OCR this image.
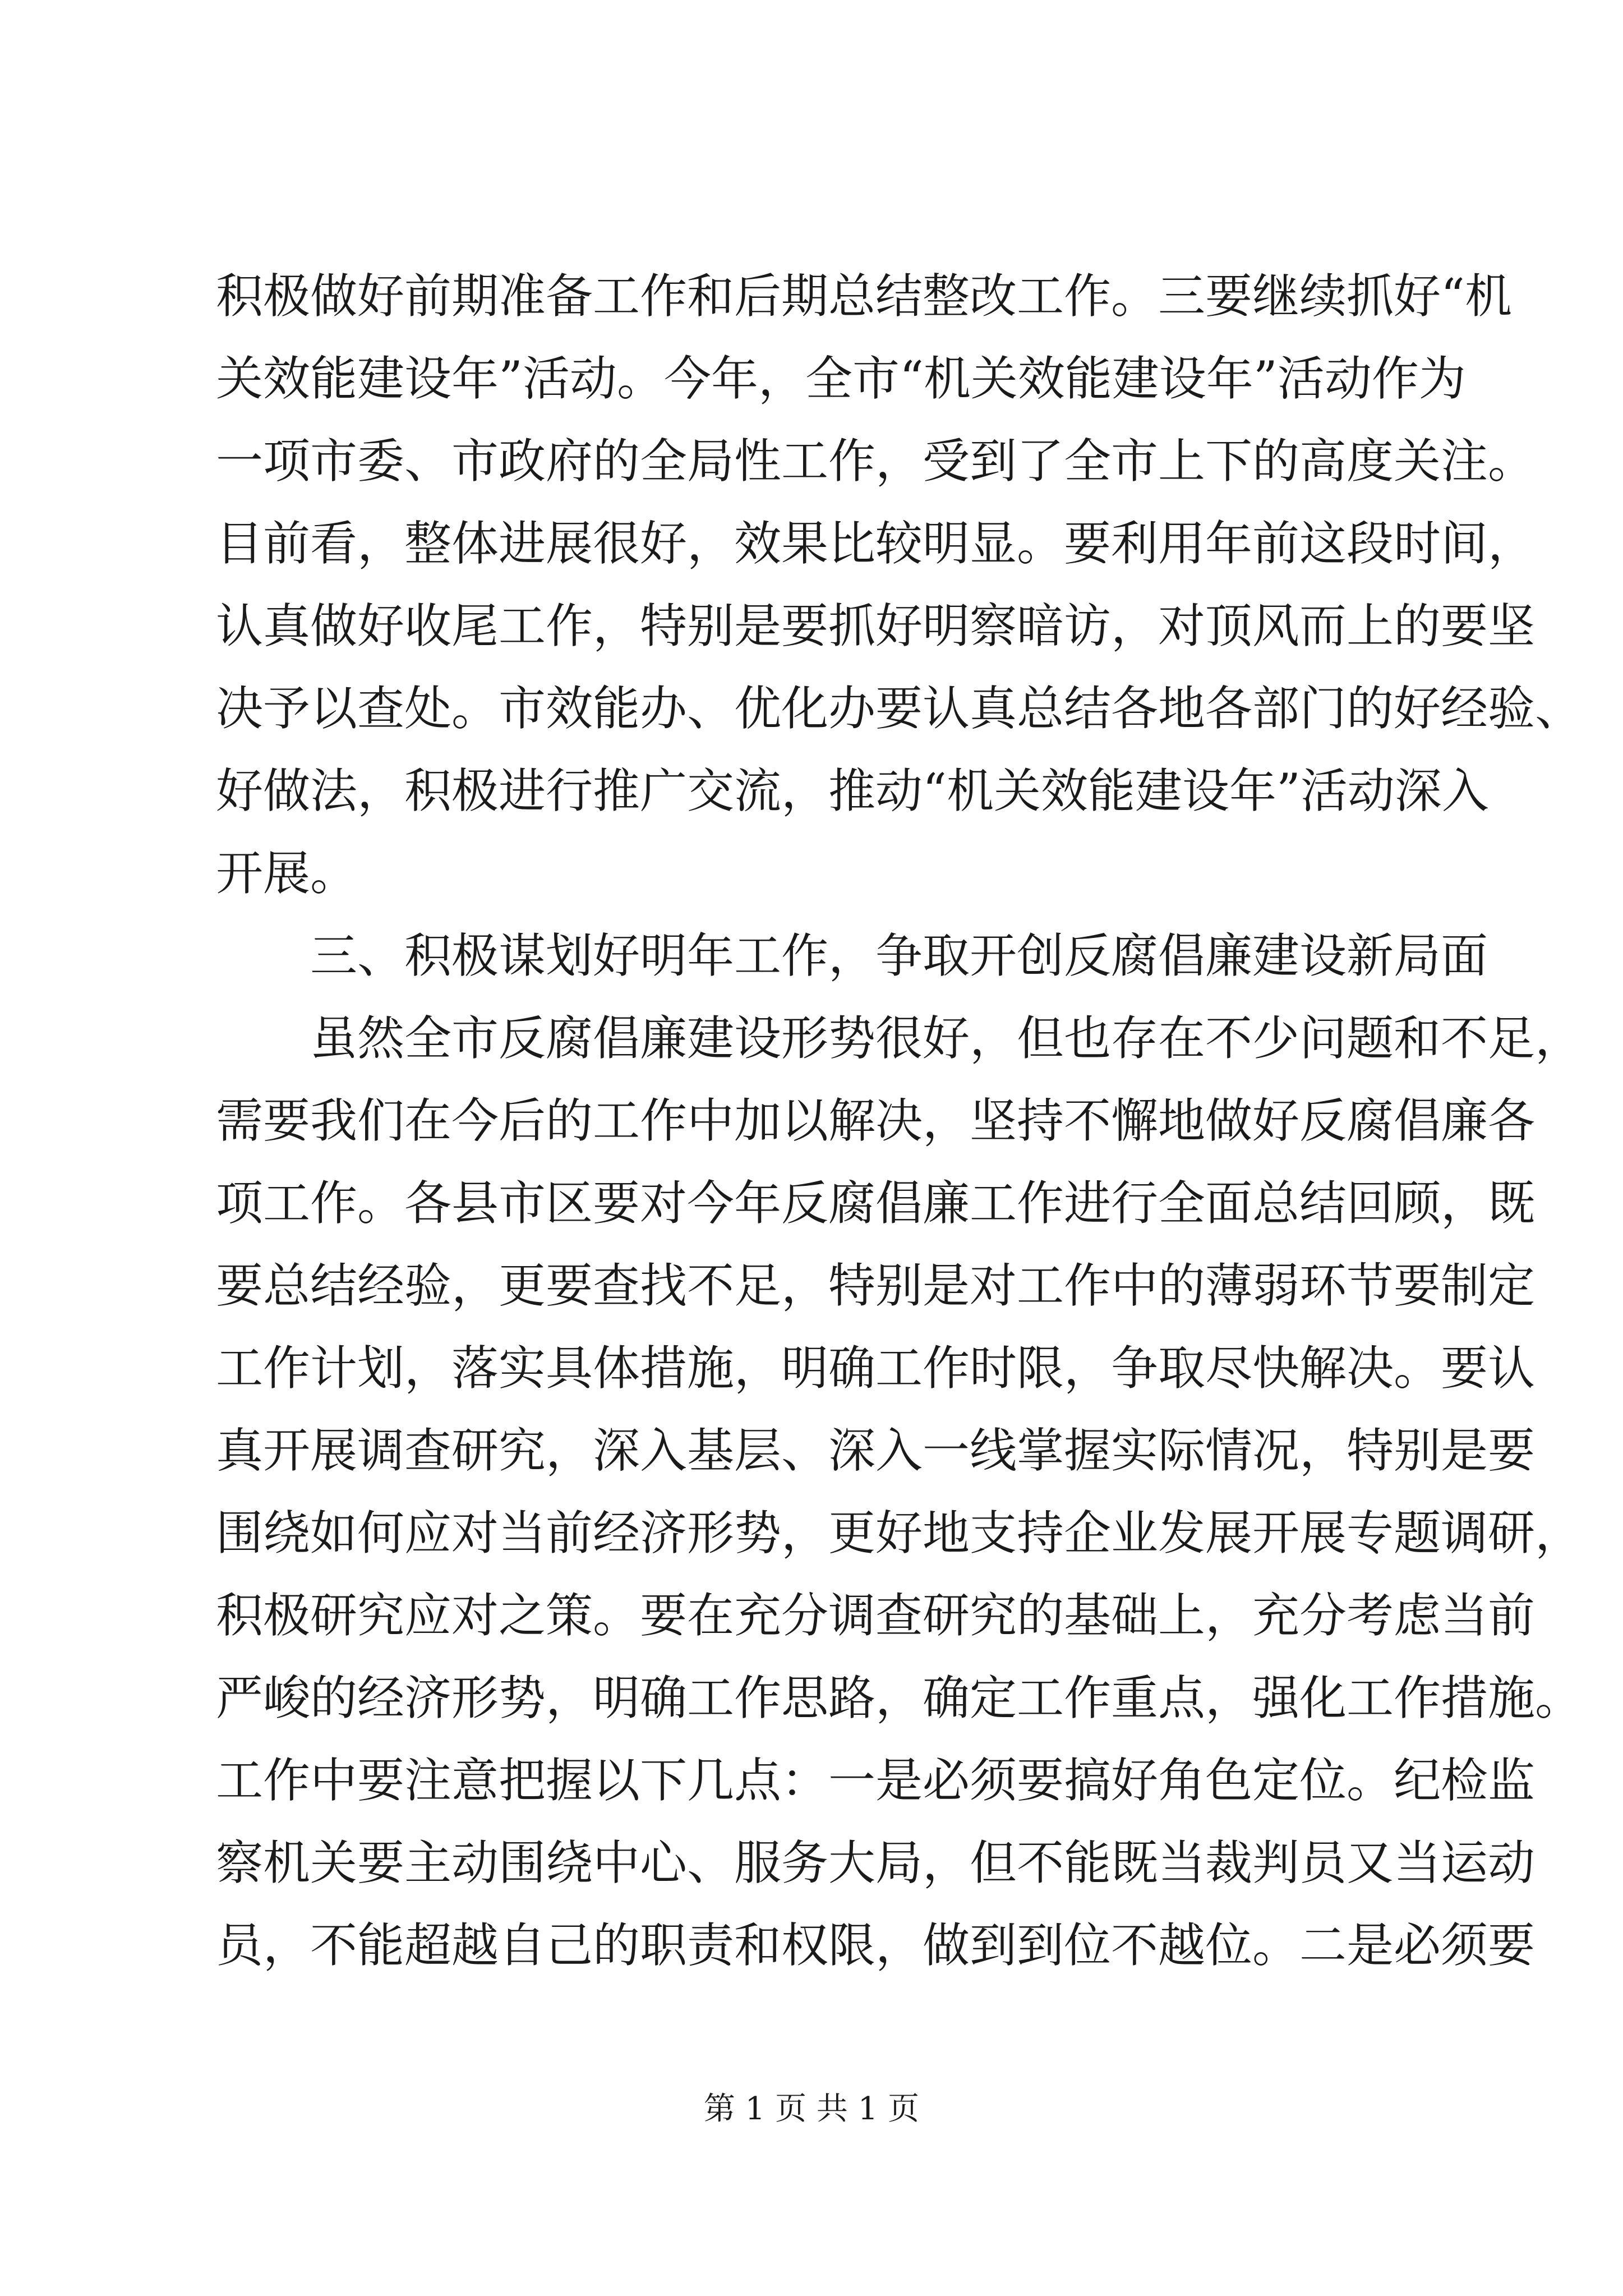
积极做好前期准备工作和后期总结整改工作。三要继续抓好“机
关效能建设年”活动。今年，全市“机关效能建设年”活动作为
一项市委、市政府的全局性工作，受到了全市上下的高度关注。
目前看，整体进展很好，效果比较明显。要利用年前这段时间，
认真做好收尾工作，特别是要抓好明察暗访，对顶风而上的要坚
决予以查处。市效能办、优化办要认真总结各地各部门的好经验、
好做法，积极进行推广交流，推动“机关效能建设年”活动深入
开展。
三、积极谋划好明年工作，争取开创反腐倡廉建设新局面
虽然全市反腐倡廉建设形势很好，但也存在不少问题和不足，
需要我们在今后的工作中加以解决，坚持不懈地做好反腐倡廉各
项工作。各县市区要对今年反腐倡廉工作进行全面总结回顾，既
要总结经验，更要查找不足，特别是对工作中的薄弱环节要制定
工作计划，落实具体措施，明确工作时限，争取尽快解决。要认
真开展调查研究，深入基层、深入一线掌握实际情况，特别是要
围绕如何应对当前经济形势，更好地支持企业发展开展专题调研，
积极研究应对之策。要在充分调查研究的基础上，充分考虑当前
严峻的经济形势，明确工作思路，确定工作重点，强化工作措施。
工作中要注意把握以下几点：一是必须要搞好角色定位。纪检监
察机关要主动围绕中心、服务大局，但不能既当裁判员又当运动
员，不能超越自己的职责和权限，做到到位不越位。二是必须要
第 1 页 共 1 页
